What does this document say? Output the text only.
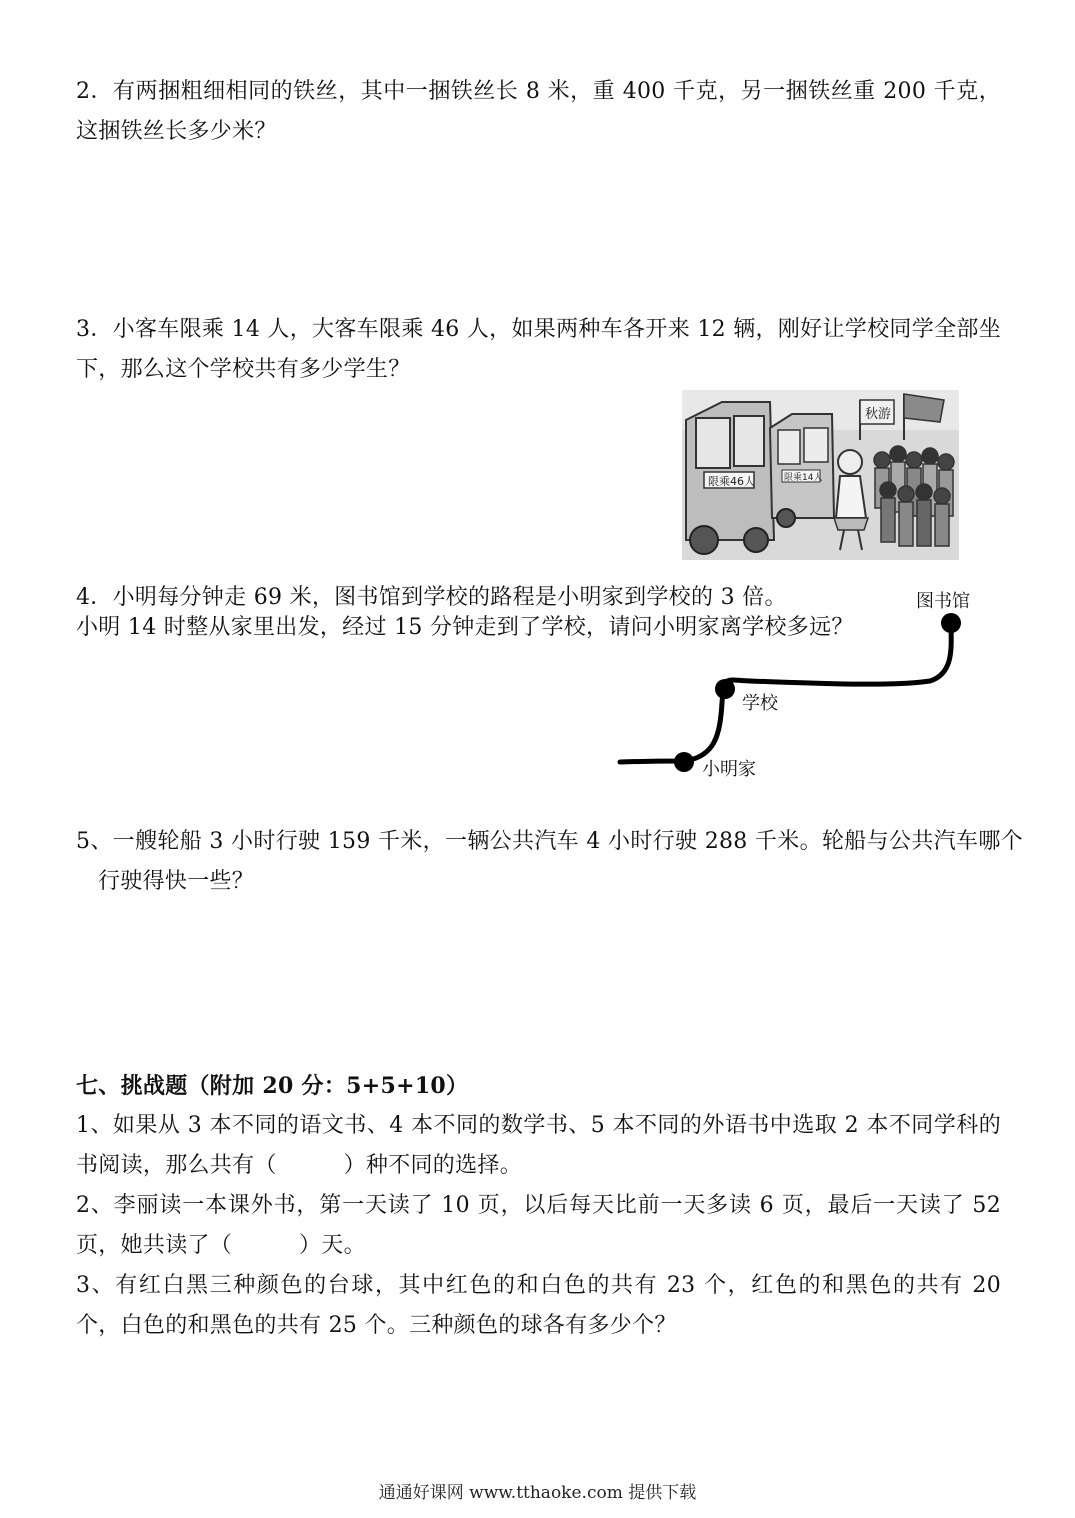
2．有两捆粗细相同的铁丝，其中一捆铁丝长 8 米，重 400 千克，另一捆铁丝重 200 千克，这捆铁丝长多少米？
3．小客车限乘 14 人，大客车限乘 46 人，如果两种车各开来 12 辆，刚好让学校同学全部坐下，那么这个学校共有多少学生？
限乘46人	限乘14人
秋游
4．小明每分钟走 69 米，图书馆到学校的路程是小明家到学校的 3 倍。
小明 14 时整从家里出发，经过 15 分钟走到了学校，请问小明家离学校多远？
图书馆
学校
小明家
5、一艘轮船 3 小时行驶 159 千米，一辆公共汽车 4 小时行驶 288 千米。轮船与公共汽车哪个行驶得快一些？
七、挑战题（附加 20 分：5+5+10）
1、如果从 3 本不同的语文书、4 本不同的数学书、5 本不同的外语书中选取 2 本不同学科的书阅读，那么共有（　　　）种不同的选择。
2、李丽读一本课外书，第一天读了 10 页，以后每天比前一天多读 6 页，最后一天读了 52 页，她共读了（　　　）天。
3、有红白黑三种颜色的台球，其中红色的和白色的共有 23 个，红色的和黑色的共有 20 个，白色的和黑色的共有 25 个。三种颜色的球各有多少个？
通通好课网 www.tthaoke.com 提供下载
